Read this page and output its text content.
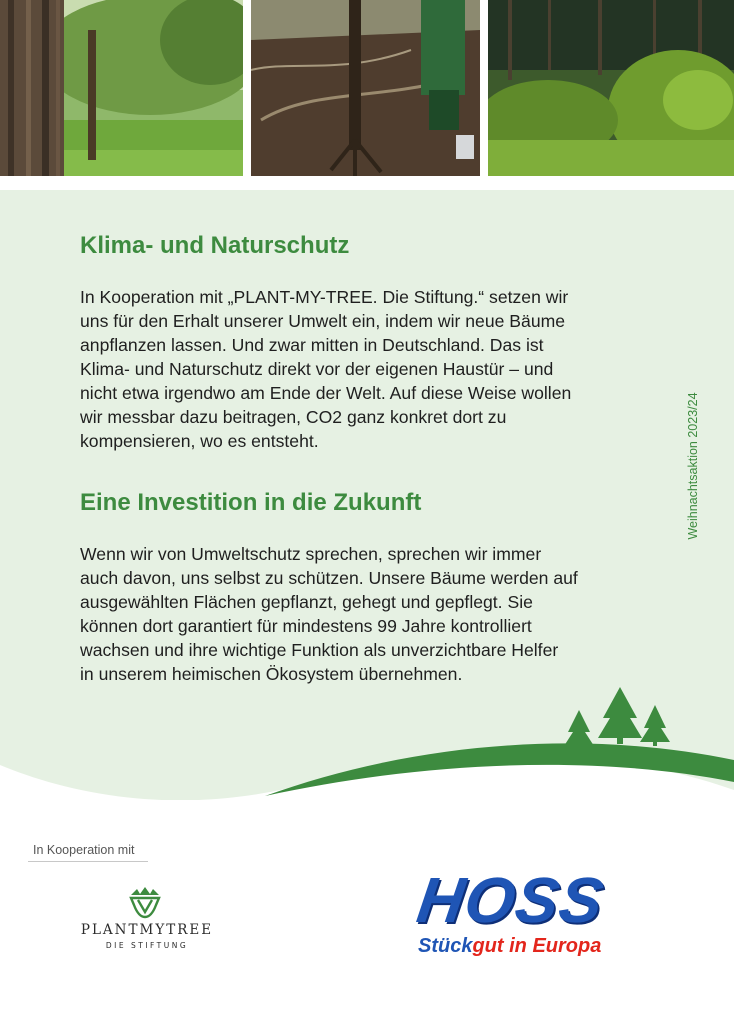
Klima- und Naturschutz
In Kooperation mit „PLANT-MY-TREE. Die Stiftung.“ setzen wir
uns für den Erhalt unserer Umwelt ein, indem wir neue Bäume
anpflanzen lassen. Und zwar mitten in Deutschland. Das ist
Klima- und Naturschutz direkt vor der eigenen Haustür – und
nicht etwa irgendwo am Ende der Welt. Auf diese Weise wollen
wir messbar dazu beitragen, CO2 ganz konkret dort zu
kompensieren, wo es entsteht.
Eine Investition in die Zukunft
Wenn wir von Umweltschutz sprechen, sprechen wir immer
auch davon, uns selbst zu schützen. Unsere Bäume werden auf
ausgewählten Flächen gepflanzt, gehegt und gepflegt. Sie
können dort garantiert für mindestens 99 Jahre kontrolliert
wachsen und ihre wichtige Funktion als unverzichtbare Helfer
in unserem heimischen Ökosystem übernehmen.
Weihnachtsaktion 2023/24
In Kooperation mit
PLANTMYTREE
DIE STIFTUNG
HOSS
Stückgut in Europa
